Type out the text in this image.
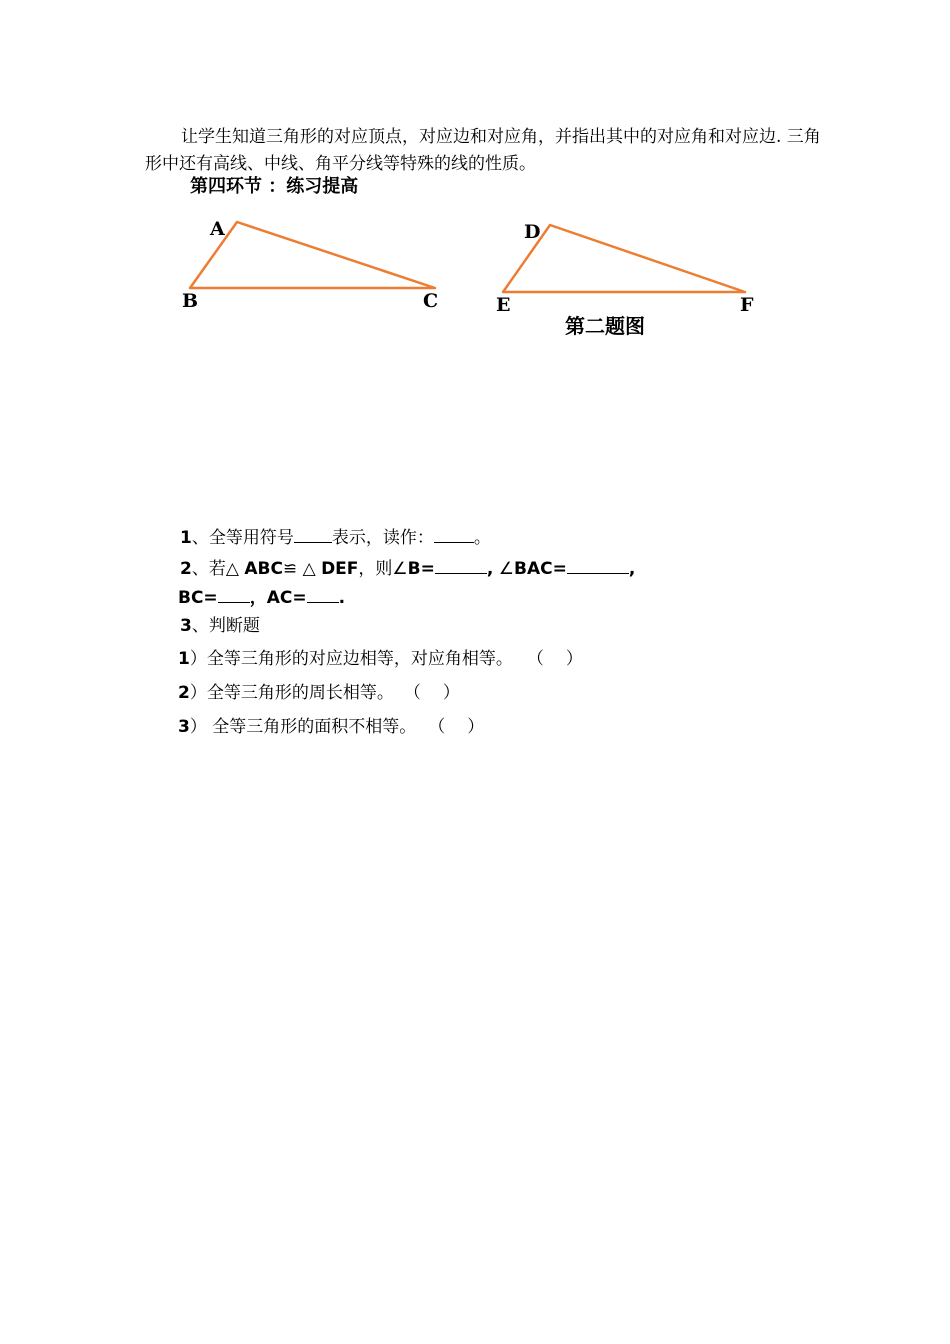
让学生知道三角形的对应顶点，对应边和对应角，并指出其中的对应角和对应边. 三角形中还有高线、中线、角平分线等特殊的线的性质。

第四环节 ：练习提高

A
B	C
D
E	F
第二题图
1、全等用符号 表示，读作： 。
2、若△ ABC≌ △ DEF，则∠B=	, ∠BAC=	,
BC= ，AC= .
3、判断题
1）全等三角形的对应边相等，对应角相等。 （ ）
2）全等三角形的周长相等。 （ ）
3） 全等三角形的面积不相等。 （ ）
